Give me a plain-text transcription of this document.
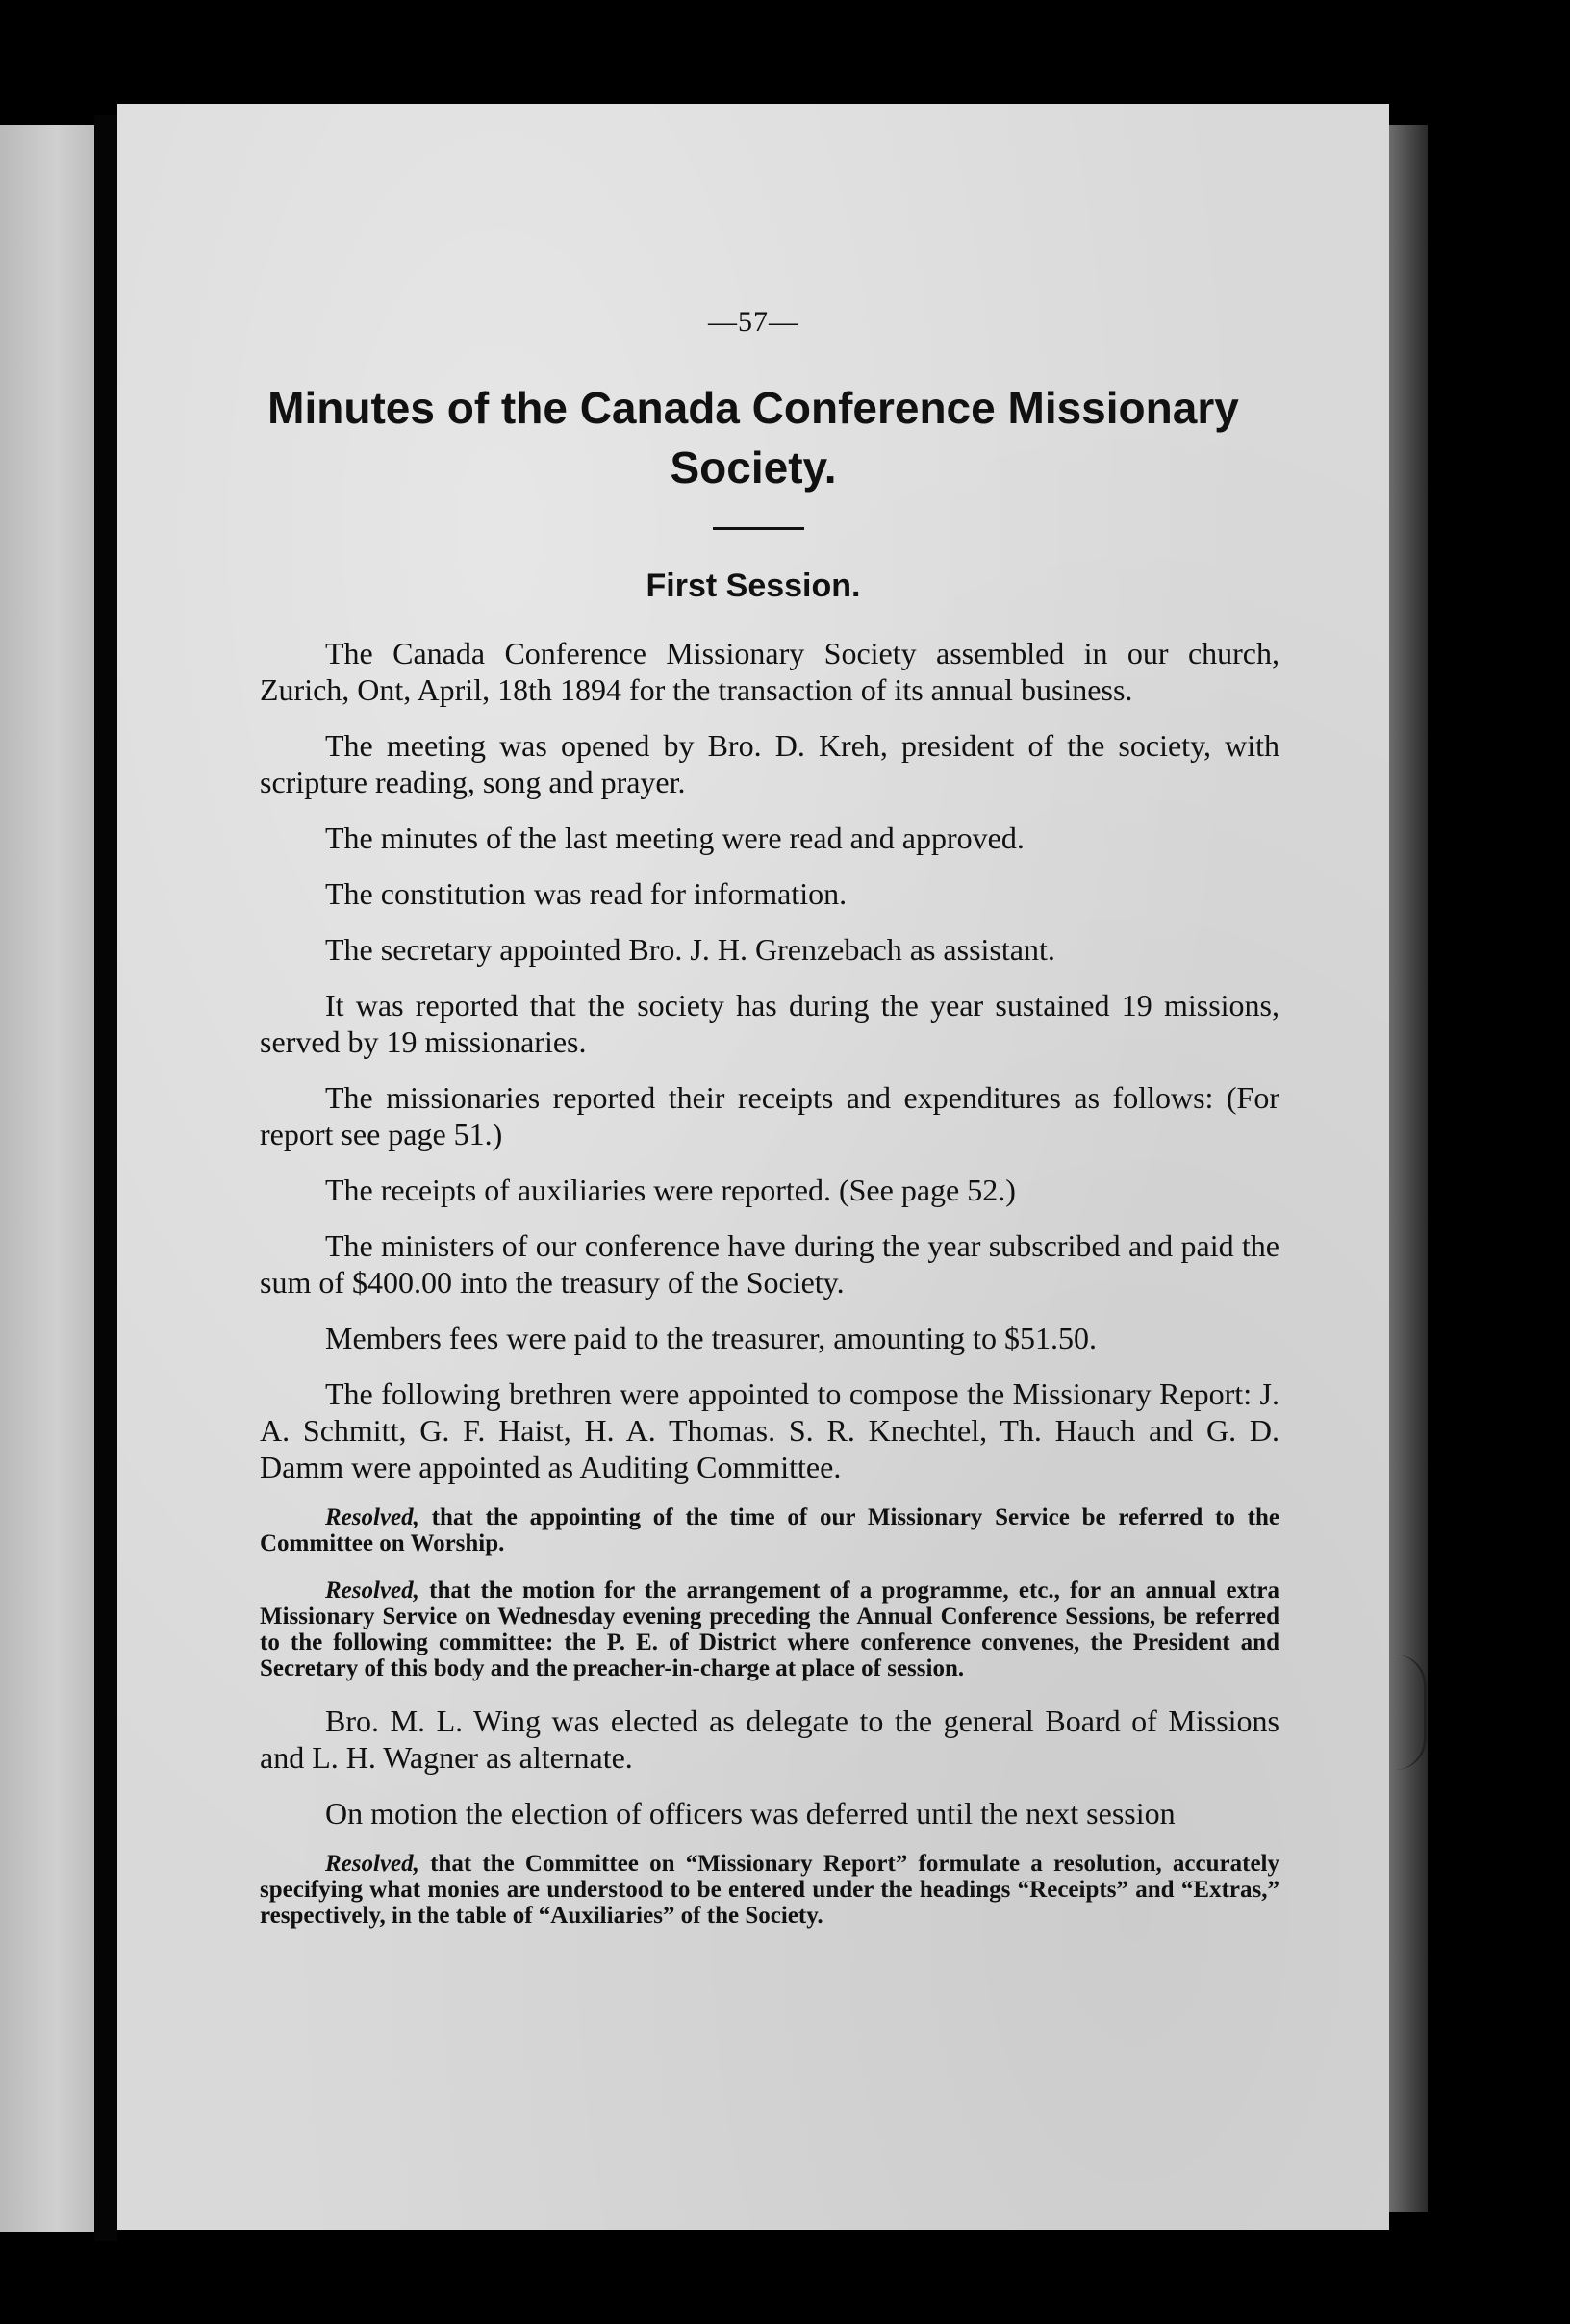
—57—
Minutes of the Canada Conference Missionary
Society.
First Session.

The Canada Conference Missionary Society assembled in our church, Zurich, Ont, April, 18th 1894 for the transaction of its annual business.

The meeting was opened by Bro. D. Kreh, president of the society, with scripture reading, song and prayer.

The minutes of the last meeting were read and approved.

The constitution was read for information.

The secretary appointed Bro. J. H. Grenzebach as assistant.

It was reported that the society has during the year sustained 19 missions, served by 19 missionaries.

The missionaries reported their receipts and expenditures as follows: (For report see page 51.)

The receipts of auxiliaries were reported. (See page 52.)

The ministers of our conference have during the year subscribed and paid the sum of $400.00 into the treasury of the Society.

Members fees were paid to the treasurer, amounting to $51.50.

The following brethren were appointed to compose the Missionary Report: J. A. Schmitt, G. F. Haist, H. A. Thomas. S. R. Knechtel, Th. Hauch and G. D. Damm were appointed as Auditing Committee.

Resolved, that the appointing of the time of our Missionary Service be referred to the Committee on Worship.

Resolved, that the motion for the arrangement of a programme, etc., for an annual extra Missionary Service on Wednesday evening preceding the Annual Conference Sessions, be referred to the following committee: the P. E. of District where conference convenes, the President and Secretary of this body and the preacher-in-charge at place of session.

Bro. M. L. Wing was elected as delegate to the general Board of Missions and L. H. Wagner as alternate.

On motion the election of officers was deferred until the next session

Resolved, that the Committee on “Missionary Report” formulate a resolution, accurately specifying what monies are understood to be entered under the headings “Receipts” and “Extras,” respectively, in the table of “Auxiliaries” of the Society.
